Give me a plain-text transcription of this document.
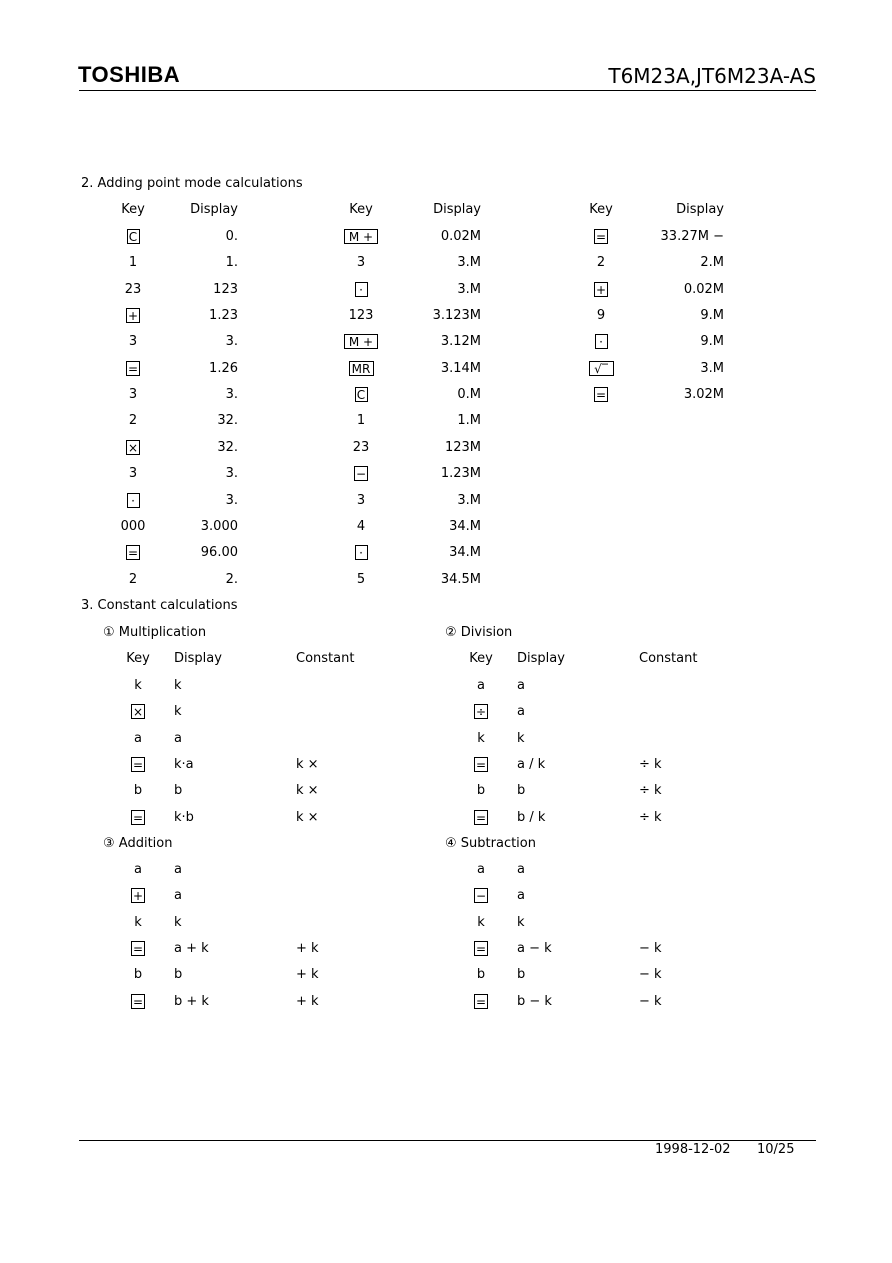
TOSHIBA	T6M23A,JT6M23A-AS
2. Adding point mode calculations
Key	Display
C	0.
1	1.
23	123
+	1.23
3	3.
=	1.26
3	3.
2	32.
×	32.
3	3.
·	3.
000	3.000
=	96.00
2	2.
Key	Display
M +	0.02M
3	3.M
·	3.M
123	3.123M
M +	3.12M
MR	3.14M
C	0.M
1	1.M
23	123M
−	1.23M
3	3.M
4	34.M
·	34.M
5	34.5M
Key	Display
=	33.27M −
2	2.M
+	0.02M
9	9.M
·	9.M
√‾	3.M
=	3.02M
3. Constant calculations
① Multiplication
Key	Display	Constant
k	k
×	k
a	a
=	k·a	k ×
b	b	k ×
=	k·b	k ×
② Division
Key	Display	Constant
a	a
÷	a
k	k
=	a / k	÷ k
b	b	÷ k
=	b / k	÷ k
③ Addition
a	a
+	a
k	k
=	a + k	+ k
b	b	+ k
=	b + k	+ k
④ Subtraction
a	a
−	a
k	k
=	a − k	− k
b	b	− k
=	b − k	− k
1998-12-02 10/25
